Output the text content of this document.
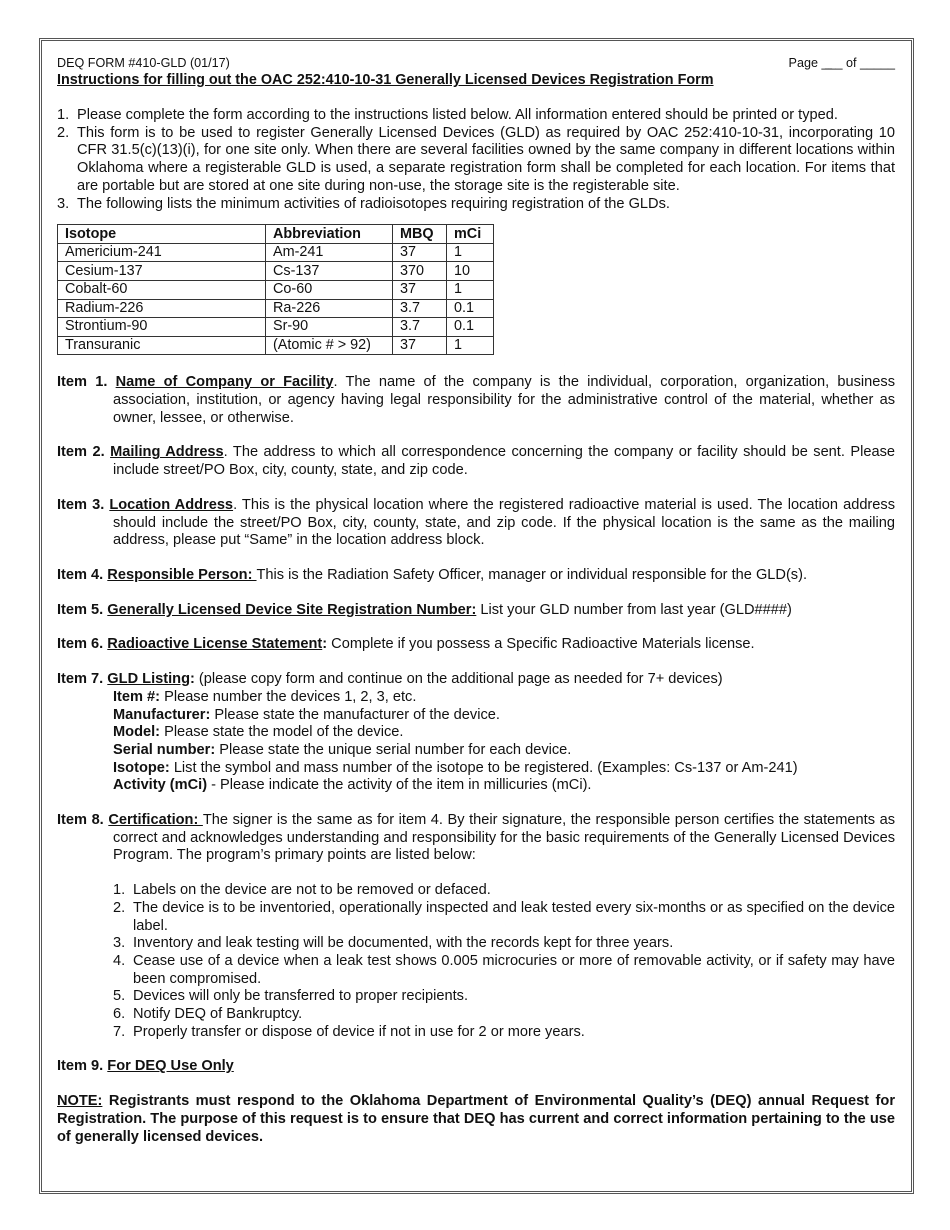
DEQ FORM #410-GLD (01/17)	Page _̲__ of _____
Instructions for filling out the OAC 252:410-10-31 Generally Licensed Devices Registration Form
1. Please complete the form according to the instructions listed below. All information entered should be printed or typed.
2. This form is to be used to register Generally Licensed Devices (GLD) as required by OAC 252:410-10-31, incorporating 10 CFR 31.5(c)(13)(i), for one site only. When there are several facilities owned by the same company in different locations within Oklahoma where a registerable GLD is used, a separate registration form shall be completed for each location. For items that are portable but are stored at one site during non-use, the storage site is the registerable site.
3. The following lists the minimum activities of radioisotopes requiring registration of the GLDs.
Isotope	Abbreviation	MBQ	mCi
Americium-241	Am-241	37	1
Cesium-137	Cs-137	370	10
Cobalt-60	Co-60	37	1
Radium-226	Ra-226	3.7	0.1
Strontium-90	Sr-90	3.7	0.1
Transuranic	(Atomic # > 92)	37	1
Item 1. Name of Company or Facility. The name of the company is the individual, corporation, organization, business association, institution, or agency having legal responsibility for the administrative control of the material, whether as owner, lessee, or otherwise.
Item 2. Mailing Address. The address to which all correspondence concerning the company or facility should be sent. Please include street/PO Box, city, county, state, and zip code.
Item 3. Location Address. This is the physical location where the registered radioactive material is used. The location address should include the street/PO Box, city, county, state, and zip code. If the physical location is the same as the mailing address, please put “Same” in the location address block.
Item 4. Responsible Person: This is the Radiation Safety Officer, manager or individual responsible for the GLD(s).
Item 5. Generally Licensed Device Site Registration Number: List your GLD number from last year (GLD####)
Item 6. Radioactive License Statement: Complete if you possess a Specific Radioactive Materials license.
Item 7. GLD Listing: (please copy form and continue on the additional page as needed for 7+ devices)
Item #: Please number the devices 1, 2, 3, etc.
Manufacturer: Please state the manufacturer of the device.
Model: Please state the model of the device.
Serial number: Please state the unique serial number for each device.
Isotope: List the symbol and mass number of the isotope to be registered. (Examples: Cs-137 or Am-241)
Activity (mCi) - Please indicate the activity of the item in millicuries (mCi).
Item 8. Certification: The signer is the same as for item 4. By their signature, the responsible person certifies the statements as correct and acknowledges understanding and responsibility for the basic requirements of the Generally Licensed Devices Program. The program’s primary points are listed below:
1. Labels on the device are not to be removed or defaced.
2. The device is to be inventoried, operationally inspected and leak tested every six-months or as specified on the device label.
3. Inventory and leak testing will be documented, with the records kept for three years.
4. Cease use of a device when a leak test shows 0.005 microcuries or more of removable activity, or if safety may have been compromised.
5. Devices will only be transferred to proper recipients.
6. Notify DEQ of Bankruptcy.
7. Properly transfer or dispose of device if not in use for 2 or more years.
Item 9. For DEQ Use Only
NOTE: Registrants must respond to the Oklahoma Department of Environmental Quality’s (DEQ) annual Request for Registration. The purpose of this request is to ensure that DEQ has current and correct information pertaining to the use of generally licensed devices.
